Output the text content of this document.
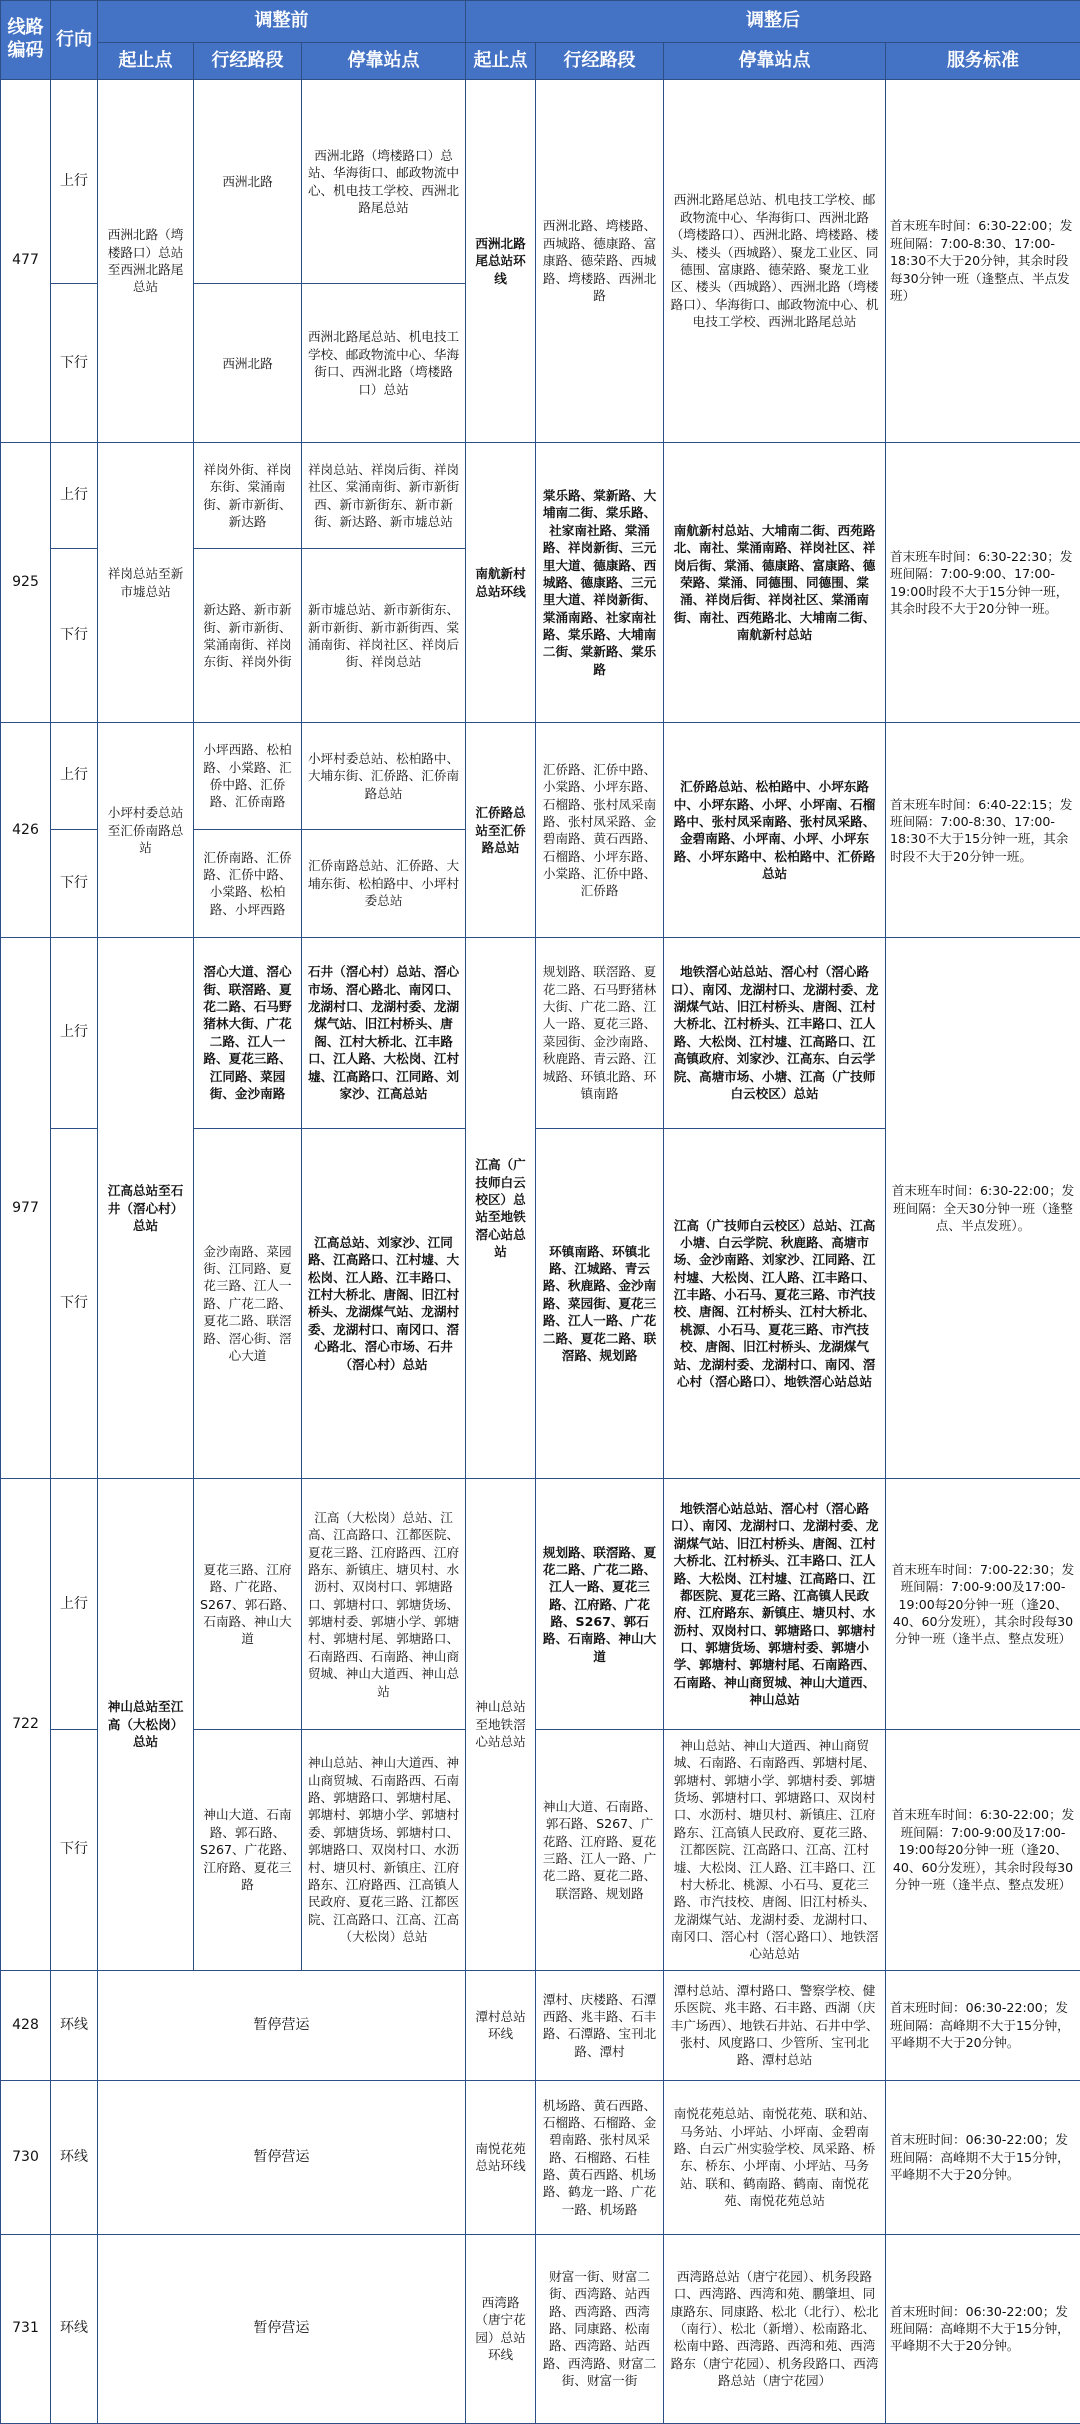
线路
编码	行向	调整前			调整后			
		起止点	行经路段	停靠站点	起止点	行经路段	停靠站点	服务标准
477	上行	西洲北路（塆楼路口）总站至西洲北路尾总站	西洲北路	西洲北路（塆楼路口）总站、华海街口、邮政物流中心、机电技工学校、西洲北路尾总站	西洲北路尾总站环线	西洲北路、塆楼路、西城路、德康路、富康路、德荣路、西城路、塆楼路、西洲北路	西洲北路尾总站、机电技工学校、邮政物流中心、华海街口、西洲北路（塆楼路口）、西洲北路、塆楼路、楼头、楼头（西城路）、聚龙工业区、同德围、富康路、德荣路、聚龙工业区、楼头（西城路）、西洲北路（塆楼路口）、华海街口、邮政物流中心、机电技工学校、西洲北路尾总站	首末班车时间：6:30-22:00；发班间隔：7:00-8:30、17:00-18:30不大于20分钟，其余时段每30分钟一班（逢整点、半点发班）
	下行		西洲北路	西洲北路尾总站、机电技工学校、邮政物流中心、华海街口、西洲北路（塆楼路口）总站				
925	上行	祥岗总站至新市墟总站	祥岗外街、祥岗东街、棠涌南街、新市新街、新达路	祥岗总站、祥岗后街、祥岗社区、棠涌南街、新市新街西、新市新街东、新市新街、新达路、新市墟总站	南航新村总站环线	棠乐路、棠新路、大埔南二街、棠乐路、社家南社路、棠涌路、祥岗新街、三元里大道、德康路、西城路、德康路、三元里大道、祥岗新街、棠涌南路、社家南社路、棠乐路、大埔南二街、棠新路、棠乐路	南航新村总站、大埔南二街、西苑路北、南社、棠涌南路、祥岗社区、祥岗后街、棠涌、德康路、富康路、德荣路、棠涌、同德围、同德围、棠涌、祥岗后街、祥岗社区、棠涌南街、南社、西苑路北、大埔南二街、南航新村总站	首末班车时间：6:30-22:30；发班间隔：7:00-9:00、17:00-19:00时段不大于15分钟一班，其余时段不大于20分钟一班。
	下行		新达路、新市新街、新市新街、棠涌南街、祥岗东街、祥岗外街	新市墟总站、新市新街东、新市新街、新市新街西、棠涌南街、祥岗社区、祥岗后街、祥岗总站				
426	上行	小坪村委总站至汇侨南路总站	小坪西路、松柏路、小棠路、汇侨中路、汇侨路、汇侨南路	小坪村委总站、松柏路中、大埔东街、汇侨路、汇侨南路总站	汇侨路总站至汇侨路总站	汇侨路、汇侨中路、小棠路、小坪东路、石榴路、张村凤采南路、张村凤采路、金碧南路、黄石西路、石榴路、小坪东路、小棠路、汇侨中路、汇侨路	汇侨路总站、松柏路中、小坪东路中、小坪东路、小坪、小坪南、石榴路中、张村凤采南路、张村凤采路、金碧南路、小坪南、小坪、小坪东路、小坪东路中、松柏路中、汇侨路总站	首末班车时间：6:40-22:15；发班间隔：7:00-8:30、17:00-18:30不大于15分钟一班，其余时段不大于20分钟一班。
	下行		汇侨南路、汇侨路、汇侨中路、小棠路、松柏路、小坪西路	汇侨南路总站、汇侨路、大埔东街、松柏路中、小坪村委总站				
977	上行	江高总站至石井（滘心村）总站	滘心大道、滘心街、联滘路、夏花二路、石马野猪林大街、广花二路、江人一路、夏花三路、江同路、菜园街、金沙南路	石井（滘心村）总站、滘心市场、滘心路北、南冈口、龙湖村口、龙湖村委、龙湖煤气站、旧江村桥头、唐阁、江村大桥北、江丰路口、江人路、大松岗、江村墟、江高路口、江同路、刘家沙、江高总站	江高（广技师白云校区）总站至地铁滘心站总站	规划路、联滘路、夏花二路、石马野猪林大街、广花二路、江人一路、夏花三路、菜园街、金沙南路、秋鹿路、青云路、江城路、环镇北路、环镇南路	地铁滘心站总站、滘心村（滘心路口）、南冈、龙湖村口、龙湖村委、龙湖煤气站、旧江村桥头、唐阁、江村大桥北、江村桥头、江丰路口、江人路、大松岗、江村墟、江高路口、江高镇政府、刘家沙、江高东、白云学院、高塘市场、小塘、江高（广技师白云校区）总站	首末班车时间：6:30-22:00；发班间隔：全天30分钟一班（逢整点、半点发班）。
	下行		金沙南路、菜园街、江同路、夏花三路、江人一路、广花二路、夏花二路、联滘路、滘心街、滘心大道	江高总站、刘家沙、江同路、江高路口、江村墟、大松岗、江人路、江丰路口、江村大桥北、唐阁、旧江村桥头、龙湖煤气站、龙湖村委、龙湖村口、南冈口、滘心路北、滘心市场、石井（滘心村）总站		环镇南路、环镇北路、江城路、青云路、秋鹿路、金沙南路、菜园街、夏花三路、江人一路、广花二路、夏花二路、联滘路、规划路	江高（广技师白云校区）总站、江高小塘、白云学院、秋鹿路、高塘市场、金沙南路、刘家沙、江同路、江村墟、大松岗、江人路、江丰路口、江丰路、小石马、夏花三路、市汽技校、唐阁、江村桥头、江村大桥北、桃源、小石马、夏花三路、市汽技校、唐阁、旧江村桥头、龙湖煤气站、龙湖村委、龙湖村口、南冈、滘心村（滘心路口）、地铁滘心站总站	
722	上行	神山总站至江高（大松岗）总站	夏花三路、江府路、广花路、S267、郭石路、石南路、神山大道	江高（大松岗）总站、江高、江高路口、江都医院、夏花三路、江府路西、江府路东、新镇庄、塘贝村、水沥村、双岗村口、郭塘路口、郭塘村口、郭塘货场、郭塘村委、郭塘小学、郭塘村、郭塘村尾、郭塘路口、石南路西、石南路、神山商贸城、神山大道西、神山总站	神山总站至地铁滘心站总站	规划路、联滘路、夏花二路、广花二路、江人一路、夏花三路、江府路、广花路、S267、郭石路、石南路、神山大道	地铁滘心站总站、滘心村（滘心路口）、南冈、龙湖村口、龙湖村委、龙湖煤气站、旧江村桥头、唐阁、江村大桥北、江村桥头、江丰路口、江人路、大松岗、江村墟、江高路口、江都医院、夏花三路、江高镇人民政府、江府路东、新镇庄、塘贝村、水沥村、双岗村口、郭塘路口、郭塘村口、郭塘货场、郭塘村委、郭塘小学、郭塘村、郭塘村尾、石南路西、石南路、神山商贸城、神山大道西、神山总站	首末班车时间：7:00-22:30；发班间隔：7:00-9:00及17:00-19:00每20分钟一班（逢20、40、60分发班），其余时段每30分钟一班（逢半点、整点发班）
	下行		神山大道、石南路、郭石路、S267、广花路、江府路、夏花三路	神山总站、神山大道西、神山商贸城、石南路西、石南路、郭塘路口、郭塘村尾、郭塘村、郭塘小学、郭塘村委、郭塘货场、郭塘村口、郭塘路口、双岗村口、水沥村、塘贝村、新镇庄、江府路东、江府路西、江高镇人民政府、夏花三路、江都医院、江高路口、江高、江高（大松岗）总站		神山大道、石南路、郭石路、S267、广花路、江府路、夏花三路、江人一路、广花二路、夏花二路、联滘路、规划路	神山总站、神山大道西、神山商贸城、石南路、石南路西、郭塘村尾、郭塘村、郭塘小学、郭塘村委、郭塘货场、郭塘村口、郭塘路口、双岗村口、水沥村、塘贝村、新镇庄、江府路东、江高镇人民政府、夏花三路、江都医院、江高路口、江高、江村墟、大松岗、江人路、江丰路口、江村大桥北、桃源、小石马、夏花三路、市汽技校、唐阁、旧江村桥头、龙湖煤气站、龙湖村委、龙湖村口、南冈口、滘心村（滘心路口）、地铁滘心站总站	首末班车时间：6:30-22:00；发班间隔：7:00-9:00及17:00-19:00每20分钟一班（逢20、40、60分发班），其余时段每30分钟一班（逢半点、整点发班）
428	环线	暂停营运			潭村总站环线	潭村、庆楼路、石潭西路、兆丰路、石丰路、石潭路、宝刊北路、潭村	潭村总站、潭村路口、警察学校、健乐医院、兆丰路、石丰路、西湖（庆丰广场西）、地铁石井站、石井中学、张村、风度路口、少管所、宝刊北路、潭村总站	首末班时间：06:30-22:00；发班间隔：高峰期不大于15分钟，平峰期不大于20分钟。
730	环线	暂停营运			南悦花苑总站环线	机场路、黄石西路、石榴路、石榴路、金碧南路、张村凤采路、石榴路、石桂路、黄石西路、机场路、鹤龙一路、广花一路、机场路	南悦花苑总站、南悦花苑、联和站、马务站、小坪站、小坪南、金碧南路、白云广州实验学校、凤采路、桥东、桥东、小坪南、小坪站、马务站、联和、鹤南路、鹤南、南悦花苑、南悦花苑总站	首末班时间：06:30-22:00；发班间隔：高峰期不大于15分钟，平峰期不大于20分钟。
731	环线	暂停营运			西湾路（唐宁花园）总站环线	财富一街、财富二街、西湾路、站西路、西湾路、西湾路、同康路、松南路、西湾路、站西路、西湾路、财富二街、财富一街	西湾路总站（唐宁花园）、机务段路口、西湾路、西湾和苑、鹏肇坦、同康路东、同康路、松北（北行）、松北（南行）、松北（新增）、松南路北、松南中路、西湾路、西湾和苑、西湾路东（唐宁花园）、机务段路口、西湾路总站（唐宁花园）	首末班时间：06:30-22:00；发班间隔：高峰期不大于15分钟，平峰期不大于20分钟。
